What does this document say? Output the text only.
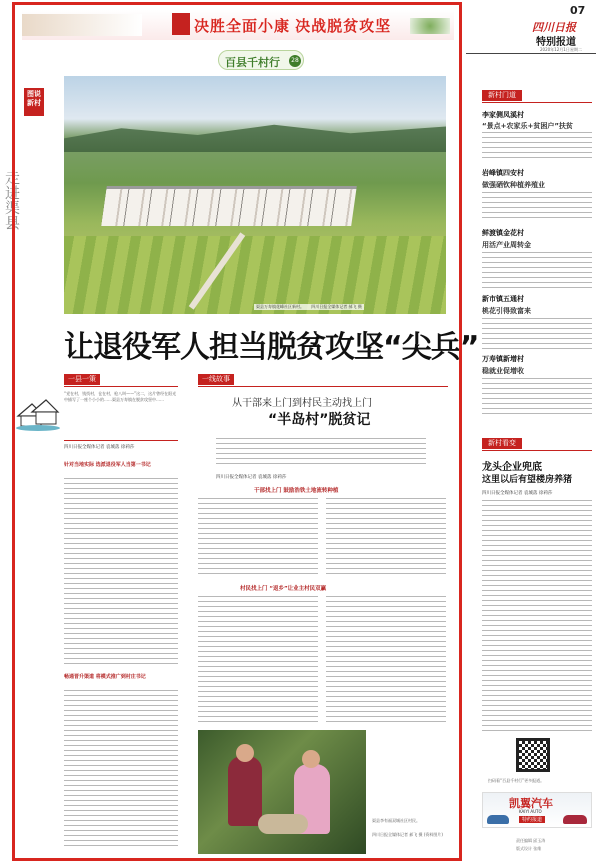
决胜全面小康 决战脱贫攻坚
07
四川日报
特别报道
2020年12月1日 星期二
百县千村行	28
图说新村
走进渠县
渠县万寿镇花峰社区新村。 四川日报全媒体记者 郝飞 摄
让退役军人担当脱贫攻坚“尖兵”
一县一策
“党在村，钱找村，仓在村，枪八叫——”这二，这片曾经在阳光中描写了一座个小小的……渠县万寿镇在脱贫攻坚中……
四川日报全媒体记者 袁城落 徐莉莎
针对当地实际 选派退役军人当第一书记
畅通晋升渠道 将模式推广到村庄书记
一线故事
从干部来上门到村民主动找上门
“半岛村”脱贫记
四川日报全媒体记者 袁城落 徐莉莎
干部找上门 鼓励浩铁土地流转种植
村民找上门 “返乡”让业主村民双赢
渠县李有福双城社区村民。
四川日报全媒体记者 郝飞 摄 (资料图片)
新村门道
李家侧凤溪村
“景点+农家乐+贫困户”扶贫
岩峰镇四安村
做强硒钦种植养殖业
鲜渡镇金花村
用活产业周转金
新市镇五通村
桃花引得致富来
万寿镇新增村
稳就业促增收
新村看变
龙头企业兜底
这里以后有望楼房养猪
四川日报全媒体记者 袁城落 徐莉莎
扫码看“百县千村行”更多报道。
凯翼汽车
KAIYI AUTO
特约报道
责任编辑 邱玉涛
版式设计 张维
